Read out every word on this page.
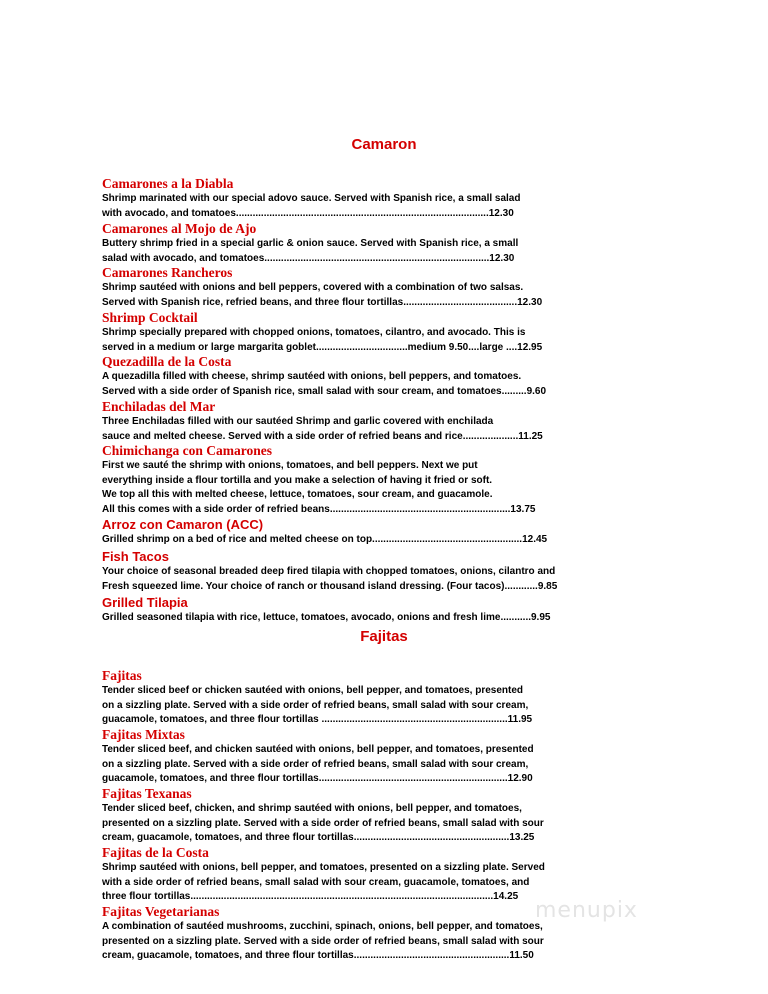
Camaron
Camarones a la Diabla
Shrimp marinated with our special adovo sauce. Served with Spanish rice, a small salad
with avocado, and tomatoes...........................................................................................12.30
Camarones al Mojo de Ajo
Buttery shrimp fried in a special garlic & onion sauce. Served with Spanish rice, a small
salad with avocado, and tomatoes.................................................................................12.30
Camarones Rancheros
Shrimp sautéed with onions and bell peppers, covered with a combination of two salsas.
Served with Spanish rice, refried beans, and three flour tortillas.........................................12.30
Shrimp Cocktail
Shrimp specially prepared with chopped onions, tomatoes, cilantro, and avocado. This is
served in a medium or large margarita goblet.................................medium 9.50....large ....12.95
Quezadilla de la Costa
A quezadilla filled with cheese, shrimp sautéed with onions, bell peppers, and tomatoes.
Served with a side order of Spanish rice, small salad with sour cream, and tomatoes.........9.60
Enchiladas del Mar
Three Enchiladas filled with our sautéed Shrimp and garlic covered with enchilada
sauce and melted cheese. Served with a side order of refried beans and rice....................11.25
Chimichanga con Camarones
First we sauté the shrimp with onions, tomatoes, and bell peppers. Next we put
everything inside a flour tortilla and you make a selection of having it fried or soft.
We top all this with melted cheese, lettuce, tomatoes, sour cream, and guacamole.
All this comes with a side order of refried beans.................................................................13.75
Arroz con Camaron (ACC)
Grilled shrimp on a bed of rice and melted cheese on top......................................................12.45
Fish Tacos
Your choice of seasonal breaded deep fired tilapia with chopped tomatoes, onions, cilantro and
Fresh squeezed lime. Your choice of ranch or thousand island dressing. (Four tacos)............9.85
Grilled Tilapia
Grilled seasoned tilapia with rice, lettuce, tomatoes, avocado, onions and fresh lime...........9.95
Fajitas
Fajitas
Tender sliced beef or chicken sautéed with onions, bell pepper, and tomatoes, presented
on a sizzling plate. Served with a side order of refried beans, small salad with sour cream,
guacamole, tomatoes, and three flour tortillas ...................................................................11.95
Fajitas Mixtas
Tender sliced beef, and chicken sautéed with onions, bell pepper, and tomatoes, presented
on a sizzling plate. Served with a side order of refried beans, small salad with sour cream,
guacamole, tomatoes, and three flour tortillas....................................................................12.90
Fajitas Texanas
Tender sliced beef, chicken, and shrimp sautéed with onions, bell pepper, and tomatoes,
presented on a sizzling plate. Served with a side order of refried beans, small salad with sour
cream, guacamole, tomatoes, and three flour tortillas........................................................13.25
Fajitas de la Costa
Shrimp sautéed with onions, bell pepper, and tomatoes, presented on a sizzling plate. Served
with a side order of refried beans, small salad with sour cream, guacamole, tomatoes, and
three flour tortillas.............................................................................................................14.25
Fajitas Vegetarianas
A combination of sautéed mushrooms, zucchini, spinach, onions, bell pepper, and tomatoes,
presented on a sizzling plate. Served with a side order of refried beans, small salad with sour
cream, guacamole, tomatoes, and three flour tortillas........................................................11.50
menupix
